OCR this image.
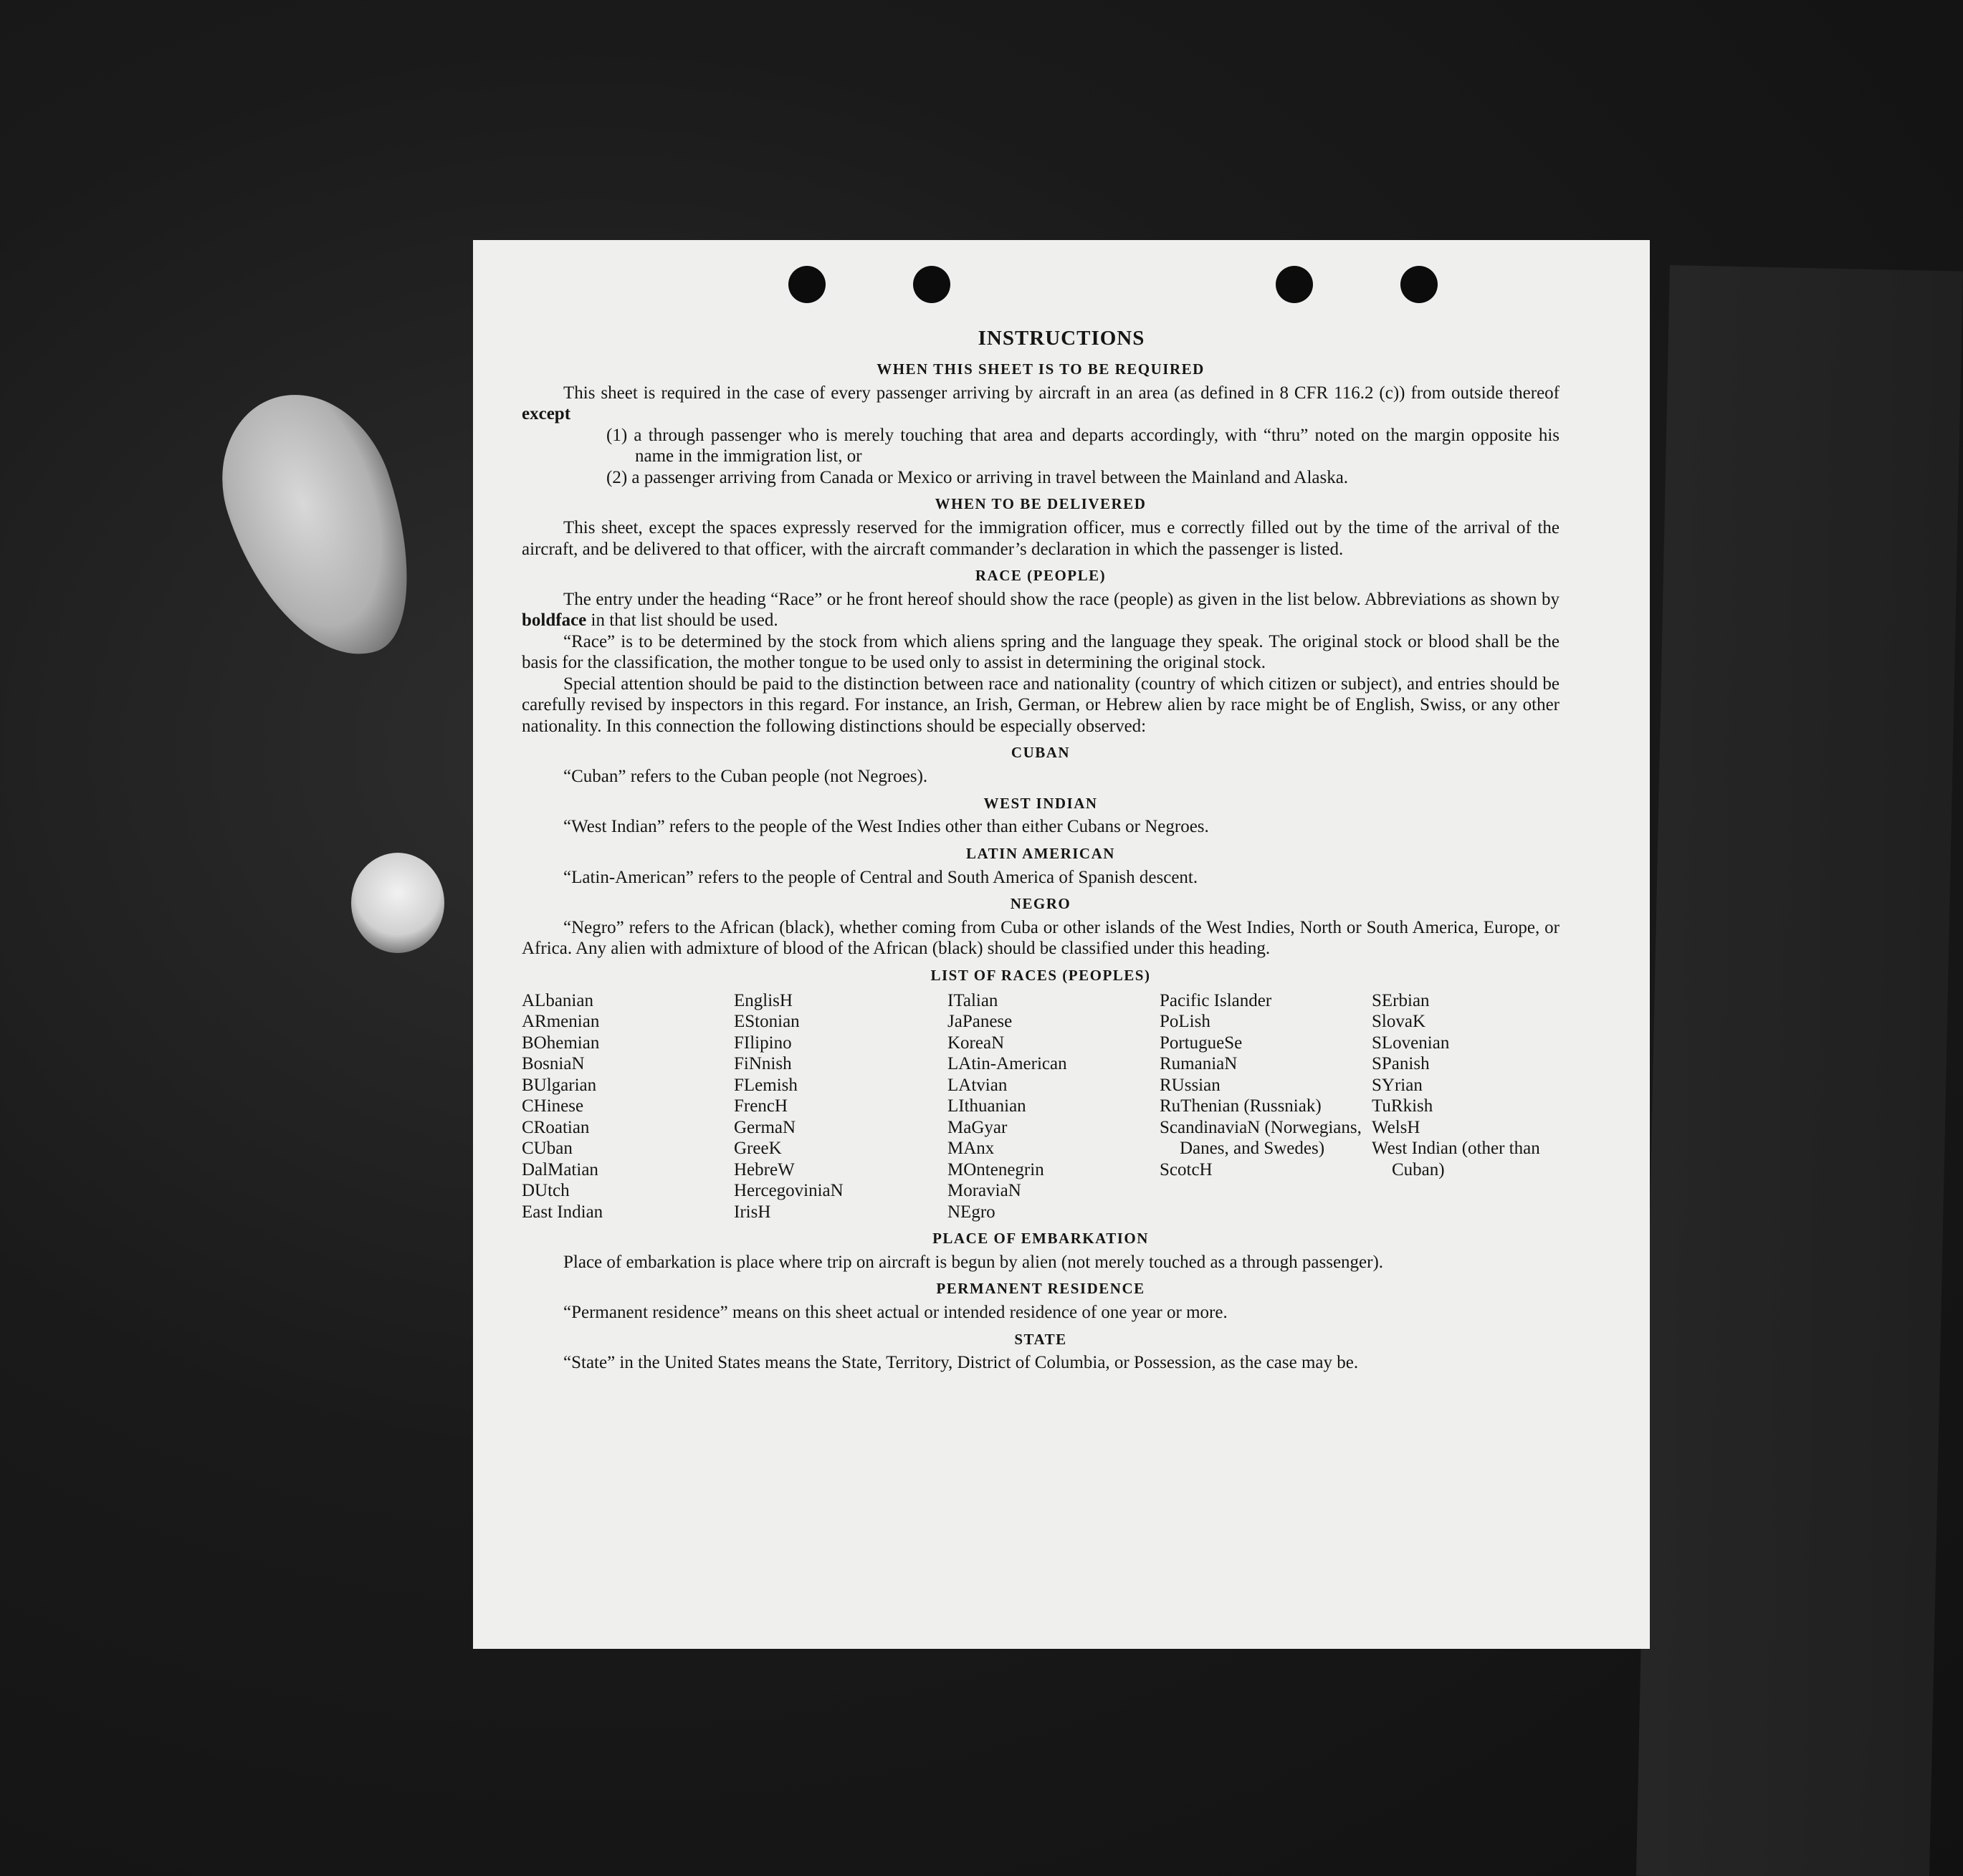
INSTRUCTIONS
WHEN THIS SHEET IS TO BE REQUIRED

This sheet is required in the case of every passenger arriving by aircraft in an area (as defined in 8 CFR 116.2 (c)) from outside thereof except

(1) a through passenger who is merely touching that area and departs accordingly, with “thru” noted on the margin opposite his name in the immigration list, or

(2) a passenger arriving from Canada or Mexico or arriving in travel between the Mainland and Alaska.

WHEN TO BE DELIVERED

This sheet, except the spaces expressly reserved for the immigration officer, mus e correctly filled out by the time of the arrival of the aircraft, and be delivered to that officer, with the aircraft commander’s declaration in which the passenger is listed.

RACE (PEOPLE)

The entry under the heading “Race” or he front hereof should show the race (people) as given in the list below. Abbreviations as shown by boldface in that list should be used.

“Race” is to be determined by the stock from which aliens spring and the language they speak. The original stock or blood shall be the basis for the classification, the mother tongue to be used only to assist in determining the original stock.

Special attention should be paid to the distinction between race and nationality (country of which citizen or subject), and entries should be carefully revised by inspectors in this regard. For instance, an Irish, German, or Hebrew alien by race might be of English, Swiss, or any other nationality. In this connection the following distinctions should be especially observed:

CUBAN

“Cuban” refers to the Cuban people (not Negroes).

WEST INDIAN

“West Indian” refers to the people of the West Indies other than either Cubans or Negroes.

LATIN AMERICAN

“Latin-American” refers to the people of Central and South America of Spanish descent.

NEGRO

“Negro” refers to the African (black), whether coming from Cuba or other islands of the West Indies, North or South America, Europe, or Africa. Any alien with admixture of blood of the African (black) should be classified under this heading.

LIST OF RACES (PEOPLES)
ALbanian
ARmenian
BOhemian
BosniaN
BUlgarian
CHinese
CRoatian
CUban
DalMatian
DUtch
East Indian
EnglisH
EStonian
FIlipino
FiNnish
FLemish
FrencH
GermaN
GreeK
HebreW
HercegoviniaN
IrisH
ITalian
JaPanese
KoreaN
LAtin-American
LAtvian
LIthuanian
MaGyar
MAnx
MOntenegrin
MoraviaN
NEgro
Pacific Islander
PoLish
PortugueSe
RumaniaN
RUssian
RuThenian (Russniak)
ScandinaviaN (Norwegians, Danes, and Swedes)
ScotcH
SErbian
SlovaK
SLovenian
SPanish
SYrian
TuRkish
WelsH
West Indian (other than Cuban)
PLACE OF EMBARKATION

Place of embarkation is place where trip on aircraft is begun by alien (not merely touched as a through passenger).

PERMANENT RESIDENCE

“Permanent residence” means on this sheet actual or intended residence of one year or more.

STATE

“State” in the United States means the State, Territory, District of Columbia, or Possession, as the case may be.
